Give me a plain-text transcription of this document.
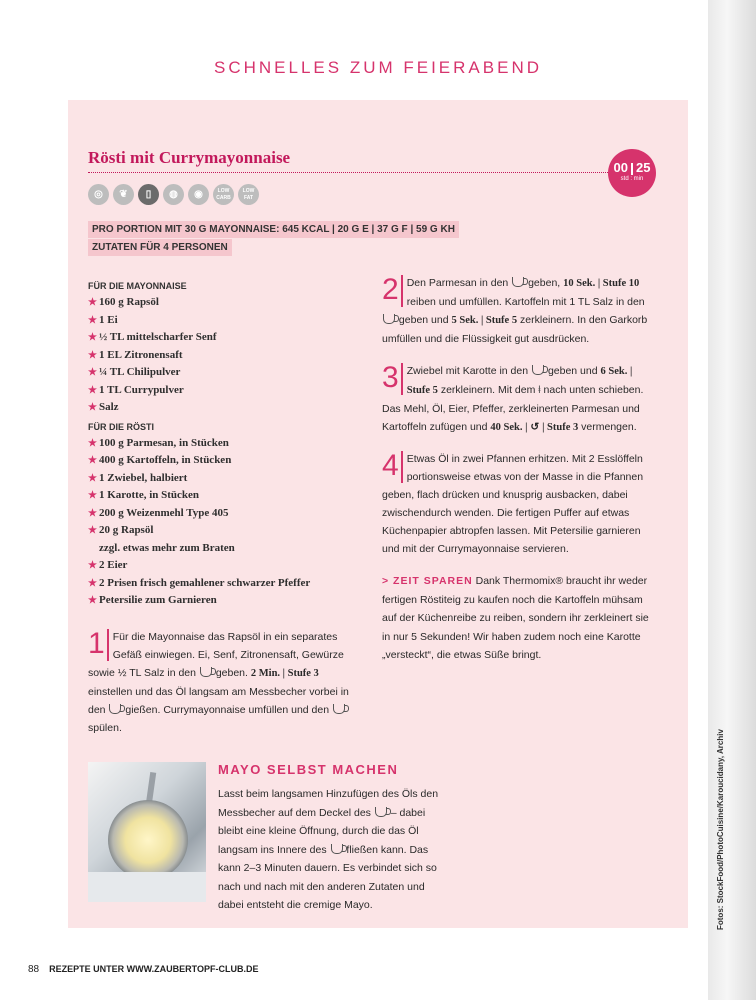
Fotos: StockFood/PhotoCuisine/Karoucidany, Archiv
SCHNELLES ZUM FEIERABEND
Rösti mit Currymayonnaise
00 25
std : min
◎	❦	▯	◍	◉	LOW CARB
LOW FAT
PRO PORTION MIT 30 G MAYONNAISE: 645 KCAL | 20 G E | 37 G F | 59 G KH
ZUTATEN FÜR 4 PERSONEN
FÜR DIE MAYONNAISE
★ 160 g Rapsöl
★ 1 Ei
★ ½ TL mittelscharfer Senf
★ 1 EL Zitronensaft
★ ¼ TL Chilipulver
★ 1 TL Currypulver
★ Salz
FÜR DIE RÖSTI
★ 100 g Parmesan, in Stücken
★ 400 g Kartoffeln, in Stücken
★ 1 Zwiebel, halbiert
★ 1 Karotte, in Stücken
★ 200 g Weizenmehl Type 405
★ 20 g Rapsöl
zzgl. etwas mehr zum Braten
★ 2 Eier
★ 2 Prisen frisch gemahlener schwarzer Pfeffer
★ Petersilie zum Garnieren
1 Für die Mayonnaise das Rapsöl in ein separates Gefäß einwiegen. Ei, Senf, Zitronensaft, Gewürze sowie ½ TL Salz in den geben. 2 Min. | Stufe 3 einstellen und das Öl langsam am Messbecher vorbei in den gießen. Currymayonnaise umfüllen und den  spülen.
2 Den Parmesan in den geben, 10 Sek. | Stufe 10 reiben und umfüllen. Kartoffeln mit 1 TL Salz in den  geben und 5 Sek. | Stufe 5 zerkleinern. In den Garkorb umfüllen und die Flüssigkeit gut ausdrücken.
3 Zwiebel mit Karotte in den geben und 6 Sek. | Stufe 5 zerkleinern. Mit dem ⱡ nach unten schieben. Das Mehl, Öl, Eier, Pfeffer, zerkleinerten Parmesan und Kartoffeln zufügen und 40 Sek. | ↺ | Stufe 3 vermengen.
4 Etwas Öl in zwei Pfannen erhitzen. Mit 2 Esslöffeln portionsweise etwas von der Masse in die Pfannen geben, flach drücken und knusprig ausbacken, dabei zwischendurch wenden. Die fertigen Puffer auf etwas Küchenpapier abtropfen lassen. Mit Petersilie garnieren und mit der Currymayonnaise servieren.
> ZEIT SPAREN Dank Thermomix® braucht ihr weder fertigen Röstiteig zu kaufen noch die Kartoffeln mühsam auf der Küchenreibe zu reiben, sondern ihr zerkleinert sie in nur 5 Sekunden! Wir haben zudem noch eine Karotte „versteckt“, die etwas Süße bringt.
MAYO SELBST MACHEN
Lasst beim langsamen Hinzufügen des Öls den Messbecher auf dem Deckel des – dabei bleibt eine kleine Öffnung, durch die das Öl langsam ins Innere des fließen kann. Das kann 2–3 Minuten dauern. Es verbindet sich so nach und nach mit den anderen Zutaten und dabei entsteht die cremige Mayo.
88 REZEPTE UNTER WWW.ZAUBERTOPF-CLUB.DE
